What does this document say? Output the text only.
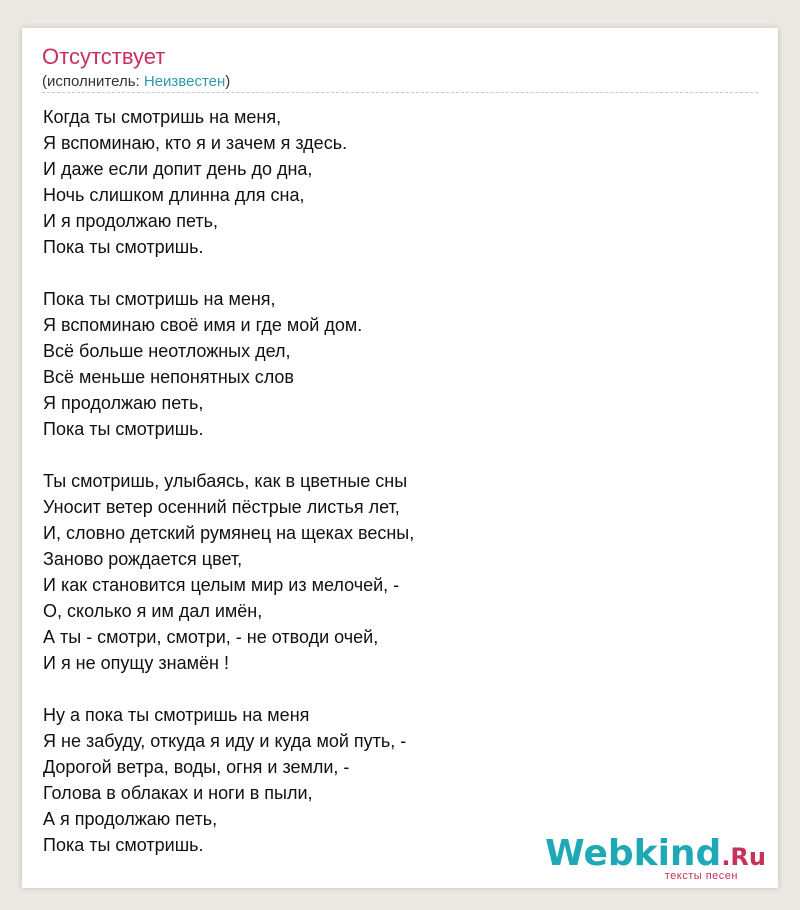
Отсутствует
(исполнитель: Неизвестен)
Когда ты смотришь на меня,
Я вспоминаю, кто я и зачем я здесь.
И даже если допит день до дна,
Ночь слишком длинна для сна,
И я продолжаю петь,
Пока ты смотришь.
Пока ты смотришь на меня,
Я вспоминаю своё имя и где мой дом.
Всё больше неотложных дел,
Всё меньше непонятных слов
Я продолжаю петь,
Пока ты смотришь.
Ты смотришь, улыбаясь, как в цветные сны
Уносит ветер осенний пёстрые листья лет,
И, словно детский румянец на щеках весны,
Заново рождается цвет,
И как становится целым мир из мелочей, -
О, сколько я им дал имён,
А ты - смотри, смотри, - не отводи очей,
И я не опущу знамён !
Ну а пока ты смотришь на меня
Я не забуду, откуда я иду и куда мой путь, -
Дорогой ветра, воды, огня и земли, -
Голова в облаках и ноги в пыли,
А я продолжаю петь,
Пока ты смотришь.	Webkind.Ru
тексты песен
